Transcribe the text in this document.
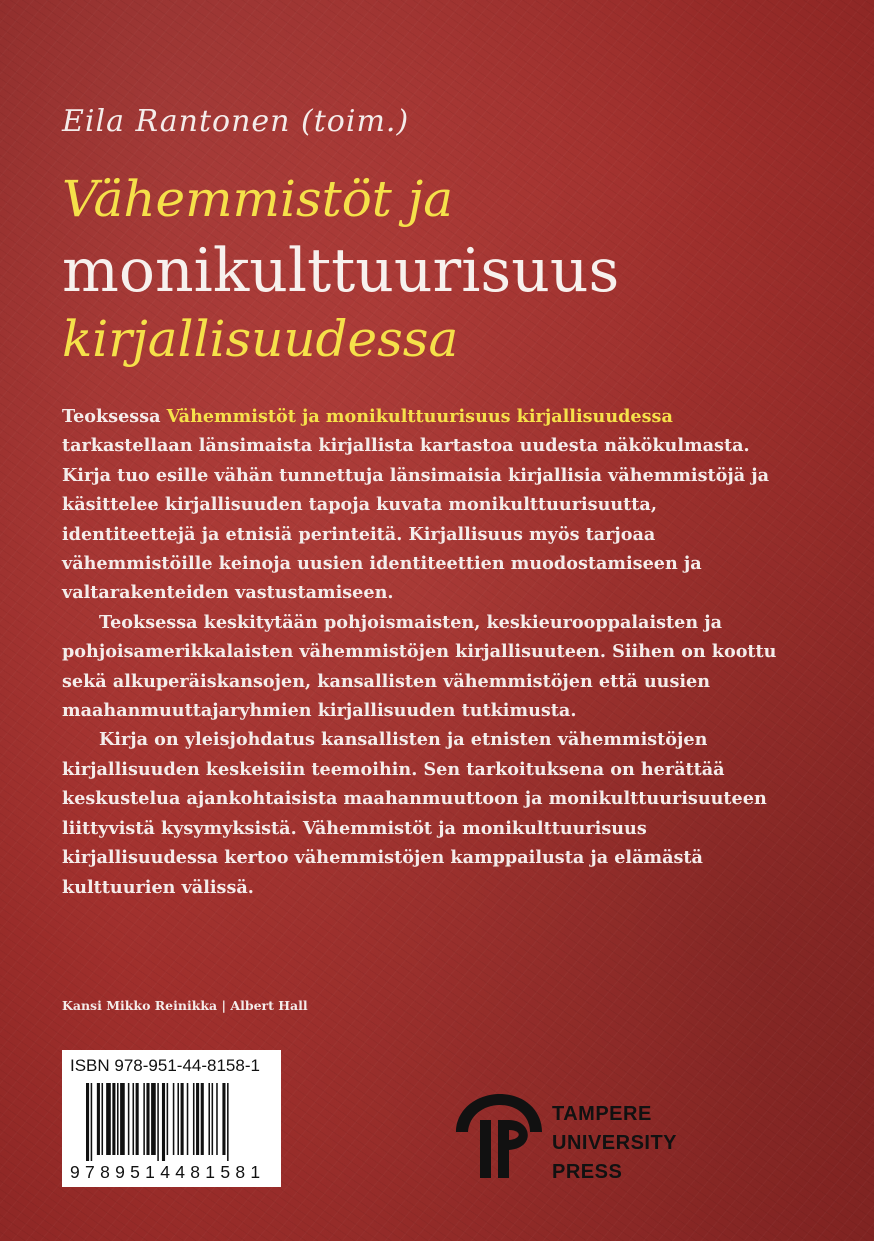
Eila Rantonen (toim.)
Vähemmistöt ja
monikulttuurisuus
kirjallisuudessa

Teoksessa Vähemmistöt ja monikulttuurisuus kirjallisuudessa tarkastellaan länsimaista kirjallista kartastoa uudesta näkökulmasta. Kirja tuo esille vähän tunnettuja länsimaisia kirjallisia vähemmistöjä ja käsittelee kirjallisuuden tapoja kuvata monikulttuurisuutta, identiteettejä ja etnisiä perinteitä. Kirjallisuus myös tarjoaa vähemmistöille keinoja uusien identiteettien muodostamiseen ja valtarakenteiden vastustamiseen.

Teoksessa keskitytään pohjoismaisten, keskieurooppalaisten ja pohjoisamerikkalaisten vähemmistöjen kirjallisuuteen. Siihen on koottu sekä alkuperäiskansojen, kansallisten vähemmistöjen että uusien maahanmuuttajaryhmien kirjallisuuden tutkimusta.

Kirja on yleisjohdatus kansallisten ja etnisten vähemmistöjen kirjallisuuden keskeisiin teemoihin. Sen tarkoituksena on herättää keskustelua ajankohtaisista maahanmuuttoon ja monikulttuurisuuteen liittyvistä kysymyksistä. Vähemmistöt ja monikulttuurisuus kirjallisuudessa kertoo vähemmistöjen kamppailusta ja elämästä kulttuurien välissä.

Kansi Mikko Reinikka | Albert Hall
ISBN 978-951-44-8158-1
9789514481581
TAMPERE
UNIVERSITY
PRESS
